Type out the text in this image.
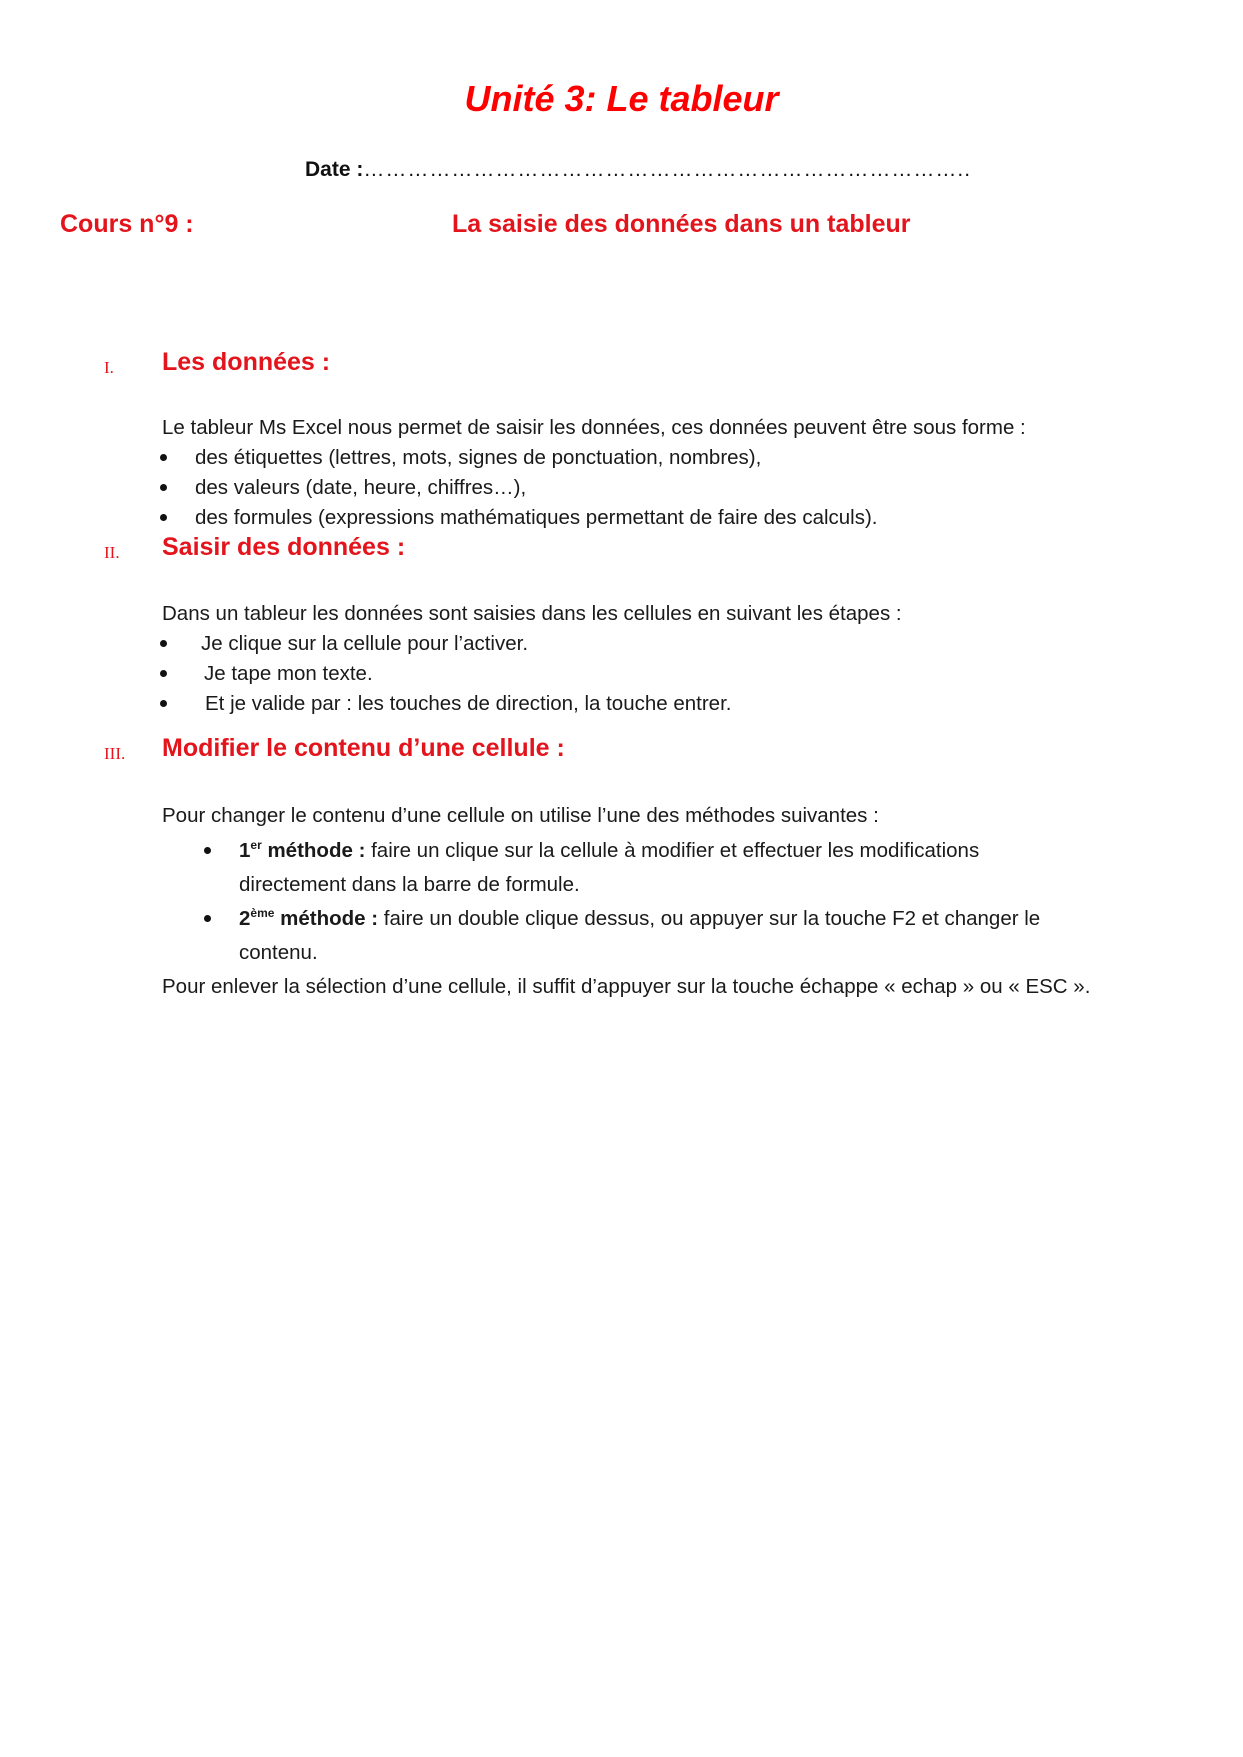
Unité 3: Le tableur
Date :………………………………………………………………………..
Cours n°9 :	La saisie des données dans un tableur
I. Les données :
Le tableur Ms Excel nous permet de saisir les données, ces données peuvent être sous forme :
des étiquettes (lettres, mots, signes de ponctuation, nombres),
des valeurs (date, heure, chiffres…),
des formules (expressions mathématiques permettant de faire des calculs).
II. Saisir des données :
Dans un tableur les données sont saisies dans les cellules en suivant les étapes :
Je clique sur la cellule pour l’activer.
Je tape mon texte.
Et je valide par : les touches de direction, la touche entrer.
III. Modifier le contenu d’une cellule :
Pour changer le contenu d’une cellule on utilise l’une des méthodes suivantes :
1er méthode : faire un clique sur la cellule à modifier et effectuer les modifications
directement dans la barre de formule.
2ème méthode : faire un double clique dessus, ou appuyer sur la touche F2 et changer le
contenu.
Pour enlever la sélection d’une cellule, il suffit d’appuyer sur la touche échappe « echap » ou « ESC ».
